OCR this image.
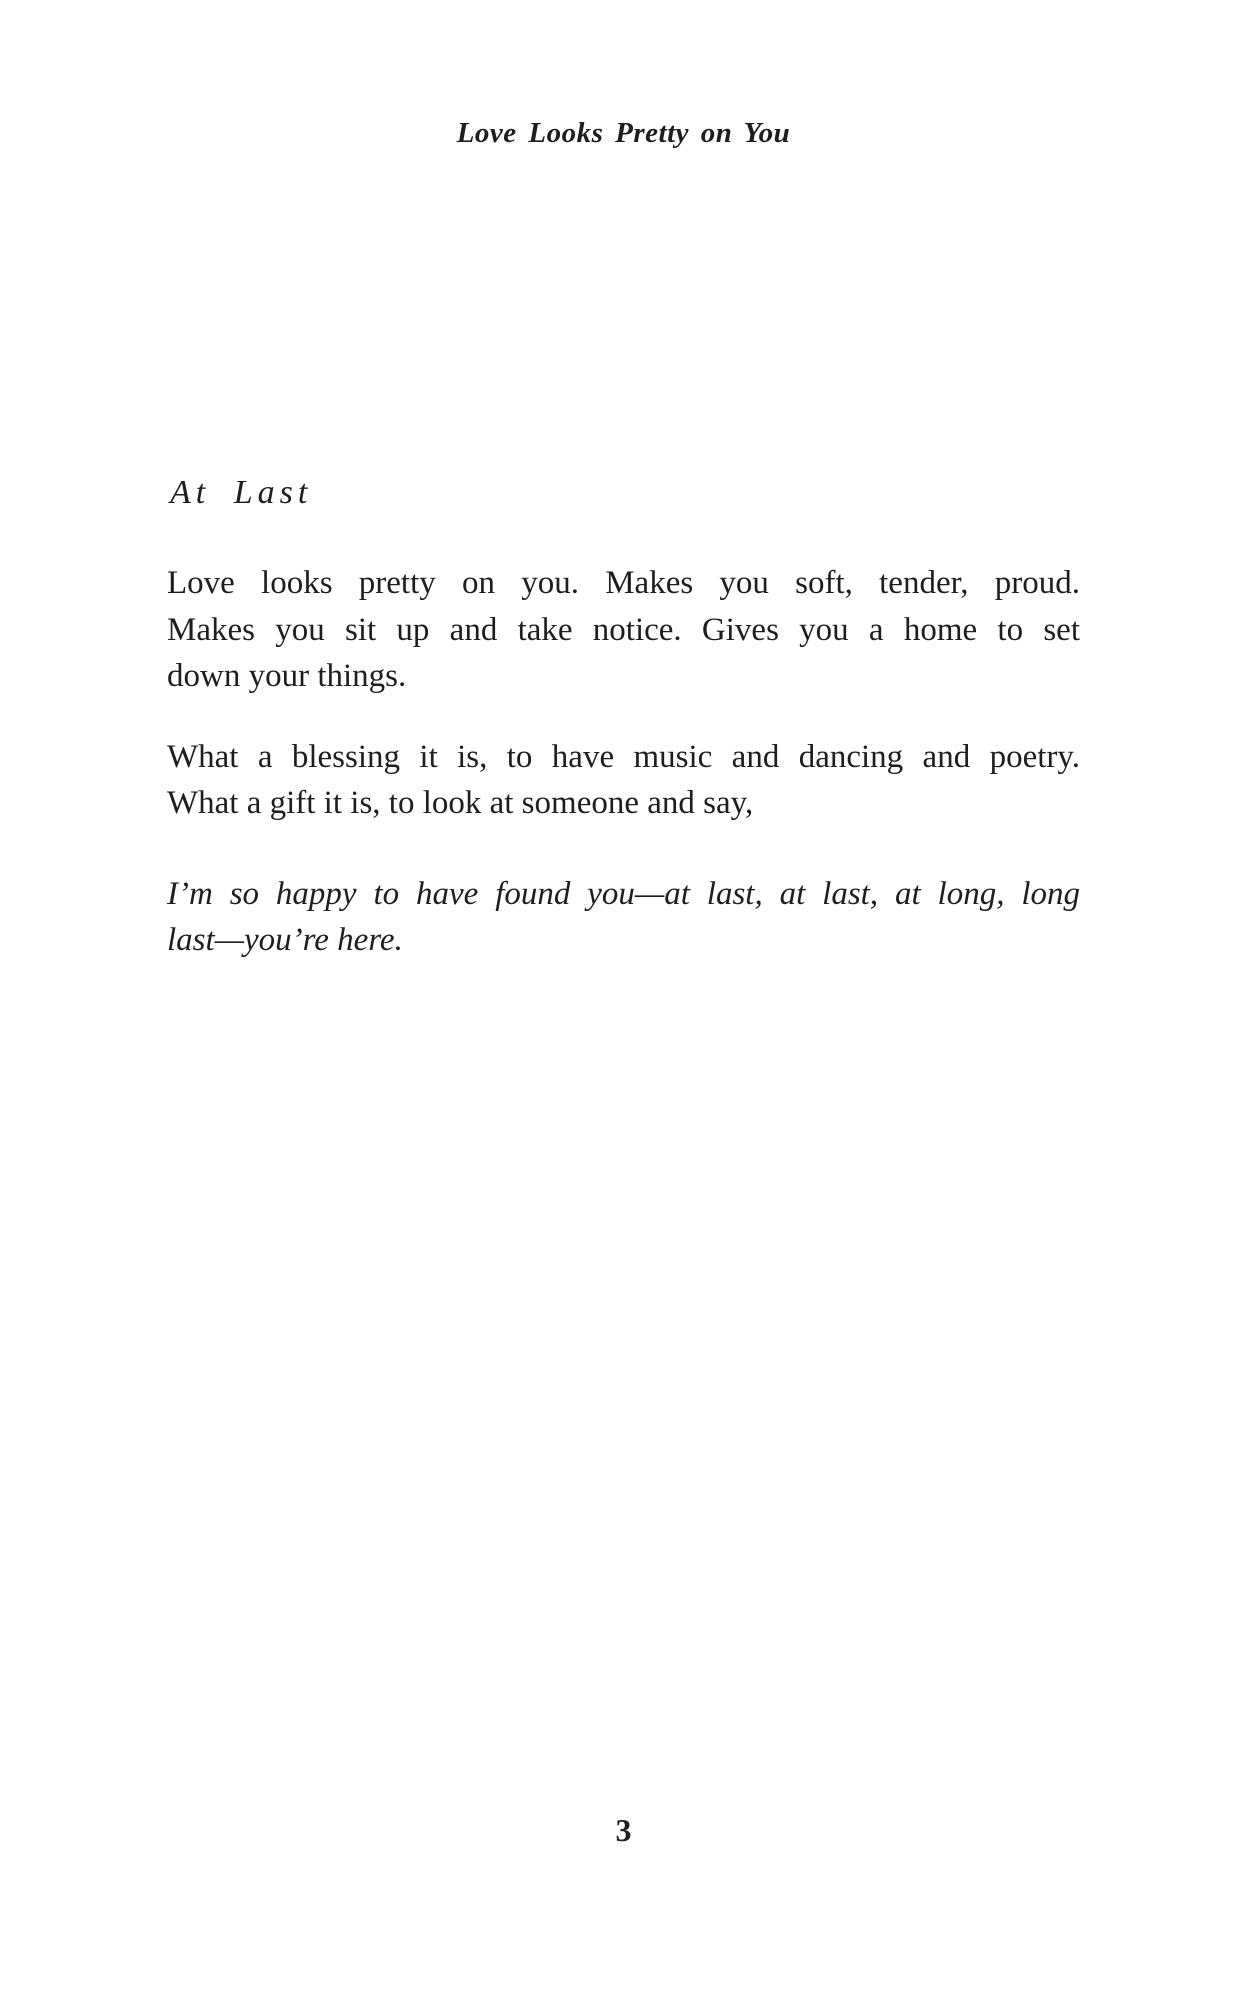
Love Looks Pretty on You
At Last

Love looks pretty on you. Makes you soft, tender, proud.
Makes you sit up and take notice. Gives you a home to set
down your things.

What a blessing it is, to have music and dancing and poetry.
What a gift it is, to look at someone and say,

I’m so happy to have found you—at last, at last, at long, long
last—you’re here.

3
